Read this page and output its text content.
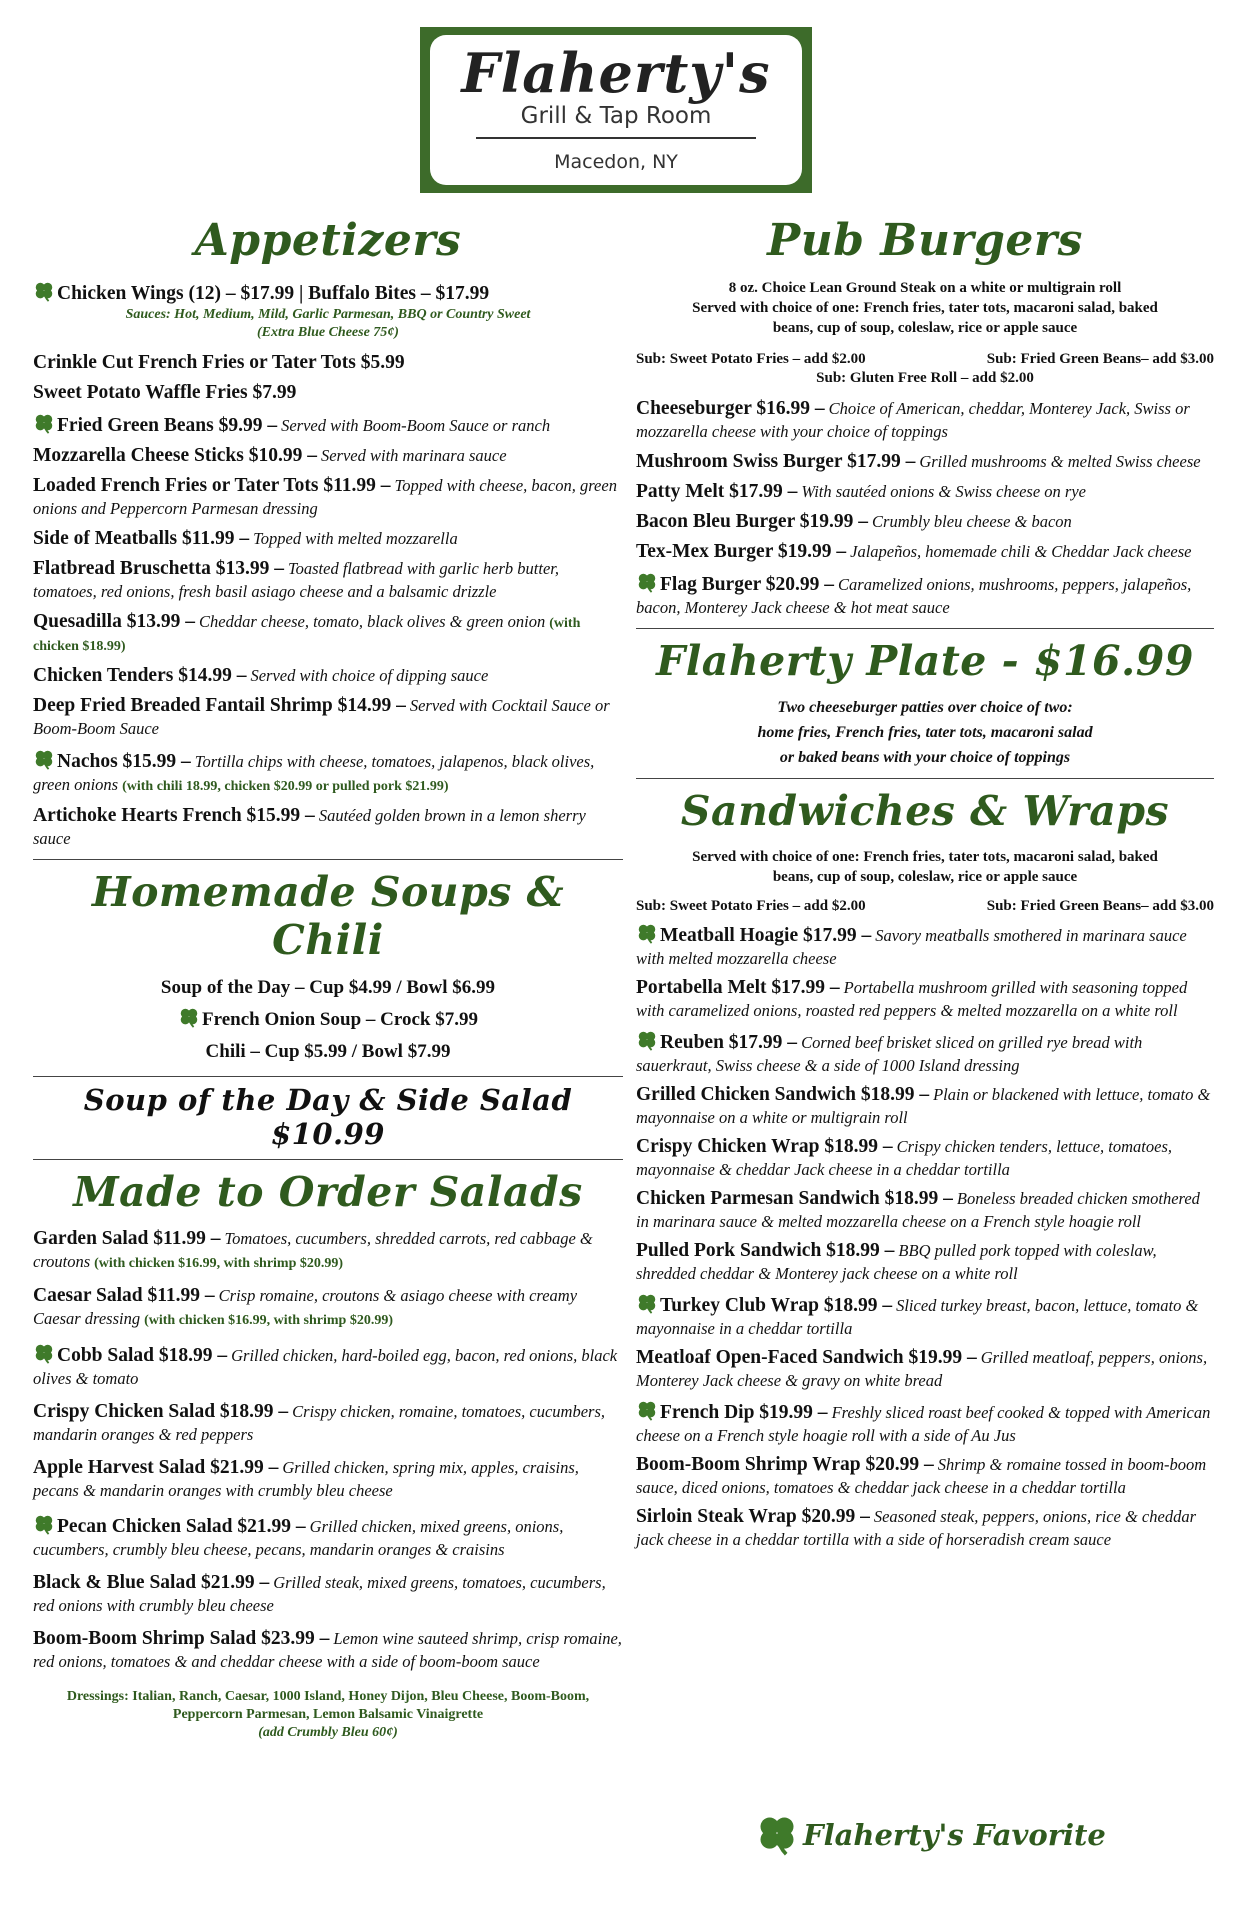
Flaherty's
Grill & Tap Room
Macedon, NY
Appetizers
Chicken Wings (12) – $17.99 | Buffalo Bites – $17.99
Sauces: Hot, Medium, Mild, Garlic Parmesan, BBQ or Country Sweet
(Extra Blue Cheese 75¢)
Crinkle Cut French Fries or Tater Tots $5.99
Sweet Potato Waffle Fries $7.99
Fried Green Beans $9.99 – Served with Boom-Boom Sauce or ranch
Mozzarella Cheese Sticks $10.99 – Served with marinara sauce
Loaded French Fries or Tater Tots $11.99 – Topped with cheese, bacon, green onions and Peppercorn Parmesan dressing
Side of Meatballs $11.99 – Topped with melted mozzarella
Flatbread Bruschetta $13.99 – Toasted flatbread with garlic herb butter, tomatoes, red onions, fresh basil asiago cheese and a balsamic drizzle
Quesadilla $13.99 – Cheddar cheese, tomato, black olives & green onion (with chicken $18.99)
Chicken Tenders $14.99 – Served with choice of dipping sauce
Deep Fried Breaded Fantail Shrimp $14.99 – Served with Cocktail Sauce or Boom-Boom Sauce
Nachos $15.99 – Tortilla chips with cheese, tomatoes, jalapenos, black olives, green onions (with chili 18.99, chicken $20.99 or pulled pork $21.99)
Artichoke Hearts French $15.99 – Sautéed golden brown in a lemon sherry sauce
Homemade Soups & Chili
Soup of the Day – Cup $4.99 / Bowl $6.99
French Onion Soup – Crock $7.99
Chili – Cup $5.99 / Bowl $7.99
Soup of the Day & Side Salad $10.99
Made to Order Salads
Garden Salad $11.99 – Tomatoes, cucumbers, shredded carrots, red cabbage & croutons (with chicken $16.99, with shrimp $20.99)
Caesar Salad $11.99 – Crisp romaine, croutons & asiago cheese with creamy Caesar dressing (with chicken $16.99, with shrimp $20.99)
Cobb Salad $18.99 – Grilled chicken, hard-boiled egg, bacon, red onions, black olives & tomato
Crispy Chicken Salad $18.99 – Crispy chicken, romaine, tomatoes, cucumbers, mandarin oranges & red peppers
Apple Harvest Salad $21.99 – Grilled chicken, spring mix, apples, craisins, pecans & mandarin oranges with crumbly bleu cheese
Pecan Chicken Salad $21.99 – Grilled chicken, mixed greens, onions, cucumbers, crumbly bleu cheese, pecans, mandarin oranges & craisins
Black & Blue Salad $21.99 – Grilled steak, mixed greens, tomatoes, cucumbers, red onions with crumbly bleu cheese
Boom-Boom Shrimp Salad $23.99 – Lemon wine sauteed shrimp, crisp romaine, red onions, tomatoes & and cheddar cheese with a side of boom-boom sauce
Dressings: Italian, Ranch, Caesar, 1000 Island, Honey Dijon, Bleu Cheese, Boom-Boom, Peppercorn Parmesan, Lemon Balsamic Vinaigrette
(add Crumbly Bleu 60¢)
Pub Burgers
8 oz. Choice Lean Ground Steak on a white or multigrain roll
Served with choice of one: French fries, tater tots, macaroni salad, baked beans, cup of soup, coleslaw, rice or apple sauce
Sub: Sweet Potato Fries – add $2.00	Sub: Fried Green Beans– add $3.00
Sub: Gluten Free Roll – add $2.00
Cheeseburger $16.99 – Choice of American, cheddar, Monterey Jack, Swiss or mozzarella cheese with your choice of toppings
Mushroom Swiss Burger $17.99 – Grilled mushrooms & melted Swiss cheese
Patty Melt $17.99 – With sautéed onions & Swiss cheese on rye
Bacon Bleu Burger $19.99 – Crumbly bleu cheese & bacon
Tex-Mex Burger $19.99 – Jalapeños, homemade chili & Cheddar Jack cheese
Flag Burger $20.99 – Caramelized onions, mushrooms, peppers, jalapeños, bacon, Monterey Jack cheese & hot meat sauce
Flaherty Plate - $16.99
Two cheeseburger patties over choice of two:
home fries, French fries, tater tots, macaroni salad
or baked beans with your choice of toppings
Sandwiches & Wraps
Served with choice of one: French fries, tater tots, macaroni salad, baked beans, cup of soup, coleslaw, rice or apple sauce
Sub: Sweet Potato Fries – add $2.00	Sub: Fried Green Beans– add $3.00
Meatball Hoagie $17.99 – Savory meatballs smothered in marinara sauce with melted mozzarella cheese
Portabella Melt $17.99 – Portabella mushroom grilled with seasoning topped with caramelized onions, roasted red peppers & melted mozzarella on a white roll
Reuben $17.99 – Corned beef brisket sliced on grilled rye bread with sauerkraut, Swiss cheese & a side of 1000 Island dressing
Grilled Chicken Sandwich $18.99 – Plain or blackened with lettuce, tomato & mayonnaise on a white or multigrain roll
Crispy Chicken Wrap $18.99 – Crispy chicken tenders, lettuce, tomatoes, mayonnaise & cheddar Jack cheese in a cheddar tortilla
Chicken Parmesan Sandwich $18.99 – Boneless breaded chicken smothered in marinara sauce & melted mozzarella cheese on a French style hoagie roll
Pulled Pork Sandwich $18.99 – BBQ pulled pork topped with coleslaw, shredded cheddar & Monterey jack cheese on a white roll
Turkey Club Wrap $18.99 – Sliced turkey breast, bacon, lettuce, tomato & mayonnaise in a cheddar tortilla
Meatloaf Open-Faced Sandwich $19.99 – Grilled meatloaf, peppers, onions, Monterey Jack cheese & gravy on white bread
French Dip $19.99 – Freshly sliced roast beef cooked & topped with American cheese on a French style hoagie roll with a side of Au Jus
Boom-Boom Shrimp Wrap $20.99 – Shrimp & romaine tossed in boom-boom sauce, diced onions, tomatoes & cheddar jack cheese in a cheddar tortilla
Sirloin Steak Wrap $20.99 – Seasoned steak, peppers, onions, rice & cheddar jack cheese in a cheddar tortilla with a side of horseradish cream sauce
Flaherty's Favorite
